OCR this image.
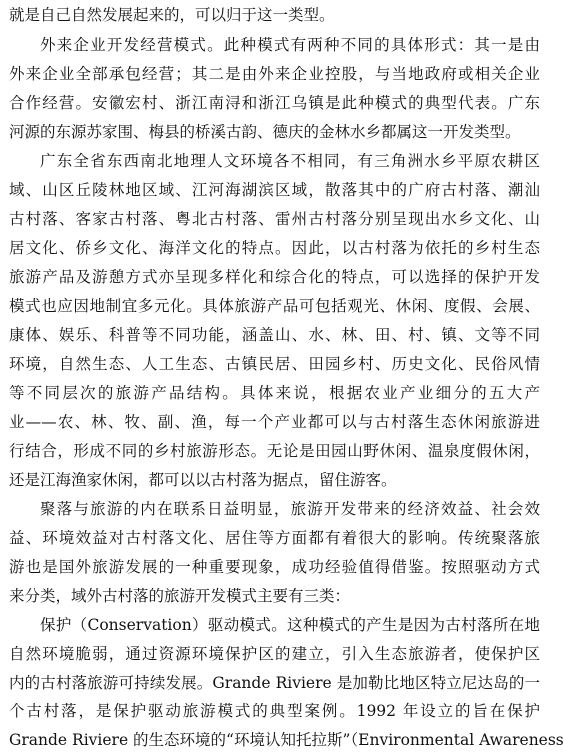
就是自己自然发展起来的，可以归于这一类型。
外来企业开发经营模式。此种模式有两种不同的具体形式：其一是由
外来企业全部承包经营；其二是由外来企业控股，与当地政府或相关企业
合作经营。安徽宏村、浙江南浔和浙江乌镇是此种模式的典型代表。广东
河源的东源苏家围、梅县的桥溪古韵、德庆的金林水乡都属这一开发类型。
广东全省东西南北地理人文环境各不相同，有三角洲水乡平原农耕区
域、山区丘陵林地区域、江河海湖滨区域，散落其中的广府古村落、潮汕
古村落、客家古村落、粤北古村落、雷州古村落分别呈现出水乡文化、山
居文化、侨乡文化、海洋文化的特点。因此，以古村落为依托的乡村生态
旅游产品及游憩方式亦呈现多样化和综合化的特点，可以选择的保护开发
模式也应因地制宜多元化。具体旅游产品可包括观光、休闲、度假、会展、
康体、娱乐、科普等不同功能，涵盖山、水、林、田、村、镇、文等不同
环境，自然生态、人工生态、古镇民居、田园乡村、历史文化、民俗风情
等不同层次的旅游产品结构。具体来说，根据农业产业细分的五大产
业——农、林、牧、副、渔，每一个产业都可以与古村落生态休闲旅游进
行结合，形成不同的乡村旅游形态。无论是田园山野休闲、温泉度假休闲，
还是江海渔家休闲，都可以以古村落为据点，留住游客。
聚落与旅游的内在联系日益明显，旅游开发带来的经济效益、社会效
益、环境效益对古村落文化、居住等方面都有着很大的影响。传统聚落旅
游也是国外旅游发展的一种重要现象，成功经验值得借鉴。按照驱动方式
来分类，域外古村落的旅游开发模式主要有三类：
保护（Conservation）驱动模式。这种模式的产生是因为古村落所在地
自然环境脆弱，通过资源环境保护区的建立，引入生态旅游者，使保护区
内的古村落旅游可持续发展。Grande Riviere 是加勒比地区特立尼达岛的一
个古村落，是保护驱动旅游模式的典型案例。1992 年设立的旨在保护
Grande Riviere 的生态环境的“环境认知托拉斯”（Environmental Awareness
